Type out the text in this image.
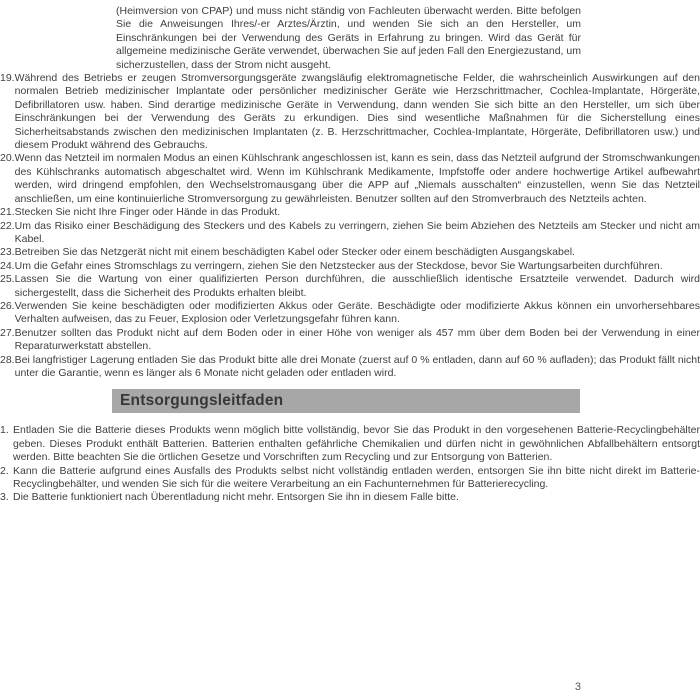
(Heimversion von CPAP) und muss nicht ständig von Fachleuten überwacht werden. Bitte befolgen Sie die Anweisungen Ihres/-er Arztes/Ärztin, und wenden Sie sich an den Hersteller, um Einschränkungen bei der Verwendung des Geräts in Erfahrung zu bringen. Wird das Gerät für allgemeine medizinische Geräte verwendet, überwachen Sie auf jeden Fall den Energiezustand, um sicherzustellen, dass der Strom nicht ausgeht.

19. Während des Betriebs er zeugen Stromversorgungsgeräte zwangsläufig elektromagnetische Felder, die wahrscheinlich Auswirkungen auf den normalen Betrieb medizinischer Implantate oder persönlicher medizinischer Geräte wie Herzschrittmacher, Cochlea-Implantate, Hörgeräte, Defibrillatoren usw. haben. Sind derartige medizinische Geräte in Verwendung, dann wenden Sie sich bitte an den Hersteller, um sich über Einschränkungen bei der Verwendung des Geräts zu erkundigen. Dies sind wesentliche Maßnahmen für die Sicherstellung eines Sicherheitsabstands zwischen den medizinischen Implantaten (z. B. Herzschrittmacher, Cochlea-Implantate, Hörgeräte, Defibrillatoren usw.) und diesem Produkt während des Gebrauchs.
20. Wenn das Netzteil im normalen Modus an einen Kühlschrank angeschlossen ist, kann es sein, dass das Netzteil aufgrund der Stromschwankungen des Kühlschranks automatisch abgeschaltet wird. Wenn im Kühlschrank Medikamente, Impfstoffe oder andere hochwertige Artikel aufbewahrt werden, wird dringend empfohlen, den Wechselstromausgang über die APP auf „Niemals ausschalten“ einzustellen, wenn Sie das Netzteil anschließen, um eine kontinuierliche Stromversorgung zu gewährleisten. Benutzer sollten auf den Stromverbrauch des Netzteils achten.
21. Stecken Sie nicht Ihre Finger oder Hände in das Produkt.
22. Um das Risiko einer Beschädigung des Steckers und des Kabels zu verringern, ziehen Sie beim Abziehen des Netzteils am Stecker und nicht am Kabel.
23. Betreiben Sie das Netzgerät nicht mit einem beschädigten Kabel oder Stecker oder einem beschädigten Ausgangskabel.
24. Um die Gefahr eines Stromschlags zu verringern, ziehen Sie den Netzstecker aus der Steckdose, bevor Sie Wartungsarbeiten durchführen.
25. Lassen Sie die Wartung von einer qualifizierten Person durchführen, die ausschließlich identische Ersatzteile verwendet. Dadurch wird sichergestellt, dass die Sicherheit des Produkts erhalten bleibt.
26. Verwenden Sie keine beschädigten oder modifizierten Akkus oder Geräte. Beschädigte oder modifizierte Akkus können ein unvorhersehbares Verhalten aufweisen, das zu Feuer, Explosion oder Verletzungsgefahr führen kann.
27. Benutzer sollten das Produkt nicht auf dem Boden oder in einer Höhe von weniger als 457 mm über dem Boden bei der Verwendung in einer Reparaturwerkstatt abstellen.
28. Bei langfristiger Lagerung entladen Sie das Produkt bitte alle drei Monate (zuerst auf 0 % entladen, dann auf 60 % aufladen); das Produkt fällt nicht unter die Garantie, wenn es länger als 6 Monate nicht geladen oder entladen wird.
Entsorgungsleitfaden
1. Entladen Sie die Batterie dieses Produkts wenn möglich bitte vollständig, bevor Sie das Produkt in den vorgesehenen Batterie-Recyclingbehälter geben. Dieses Produkt enthält Batterien. Batterien enthalten gefährliche Chemikalien und dürfen nicht in gewöhnlichen Abfallbehältern entsorgt werden. Bitte beachten Sie die örtlichen Gesetze und Vorschriften zum Recycling und zur Entsorgung von Batterien.
2. Kann die Batterie aufgrund eines Ausfalls des Produkts selbst nicht vollständig entladen werden, entsorgen Sie ihn bitte nicht direkt im Batterie-Recyclingbehälter, und wenden Sie sich für die weitere Verarbeitung an ein Fachunternehmen für Batterierecycling.
3. Die Batterie funktioniert nach Überentladung nicht mehr. Entsorgen Sie ihn in diesem Falle bitte.
3
